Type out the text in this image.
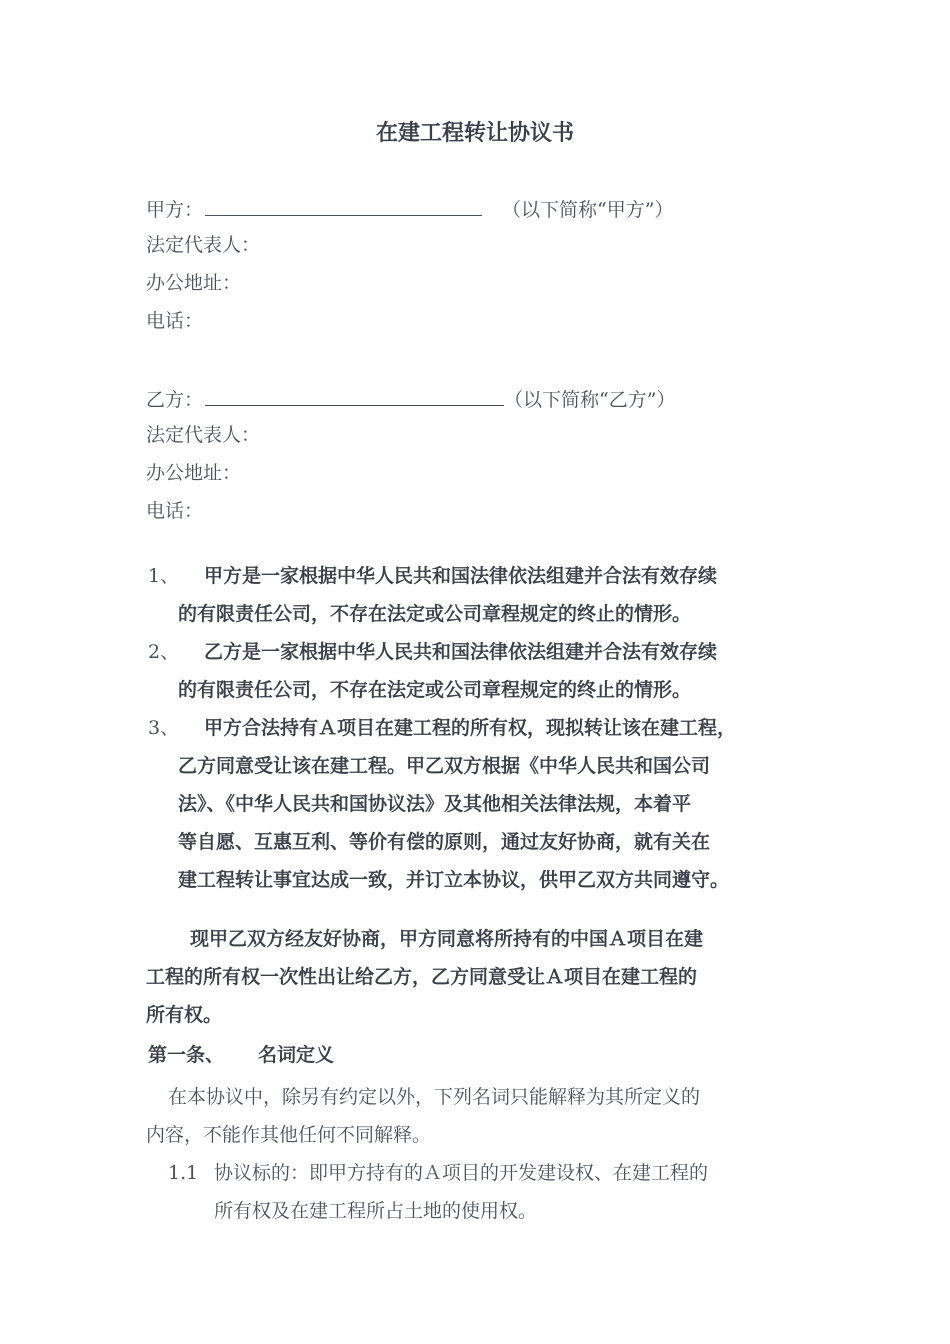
在建工程转让协议书
甲方：	（以下简称“甲方”）
法定代表人：
办公地址：
电话：
乙方：	（以下简称“乙方”）
法定代表人：
办公地址：
电话：
1、 甲方是一家根据中华人民共和国法律依法组建并合法有效存续
的有限责任公司，不存在法定或公司章程规定的终止的情形。
2、 乙方是一家根据中华人民共和国法律依法组建并合法有效存续
的有限责任公司，不存在法定或公司章程规定的终止的情形。
3、 甲方合法持有Ａ项目在建工程的所有权，现拟转让该在建工程，
乙方同意受让该在建工程。甲乙双方根据《中华人民共和国公司
法》、《中华人民共和国协议法》及其他相关法律法规，本着平
等自愿、互惠互利、等价有偿的原则，通过友好协商，就有关在
建工程转让事宜达成一致，并订立本协议，供甲乙双方共同遵守。
现甲乙双方经友好协商，甲方同意将所持有的中国Ａ项目在建
工程的所有权一次性出让给乙方，乙方同意受让Ａ项目在建工程的
所有权。
第一条、 名词定义
在本协议中，除另有约定以外，下列名词只能解释为其所定义的
内容，不能作其他任何不同解释。
1.1 协议标的：即甲方持有的Ａ项目的开发建设权、在建工程的
所有权及在建工程所占土地的使用权。
